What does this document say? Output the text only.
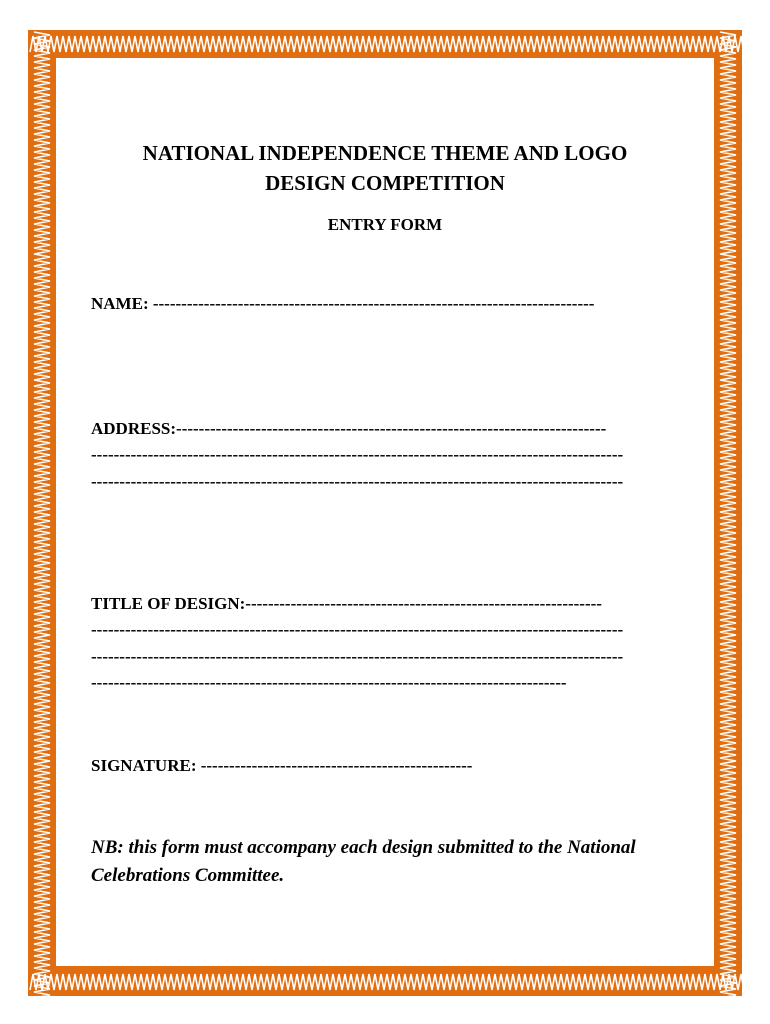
NATIONAL INDEPENDENCE THEME AND LOGO
DESIGN COMPETITION
ENTRY FORM
NAME: ------------------------------------------------------------------------------
ADDRESS:----------------------------------------------------------------------------
----------------------------------------------------------------------------------------------
----------------------------------------------------------------------------------------------
TITLE OF DESIGN:---------------------------------------------------------------
----------------------------------------------------------------------------------------------
----------------------------------------------------------------------------------------------
------------------------------------------------------------------------------------
SIGNATURE: ------------------------------------------------
NB: this form must accompany each design submitted to the National Celebrations Committee.
